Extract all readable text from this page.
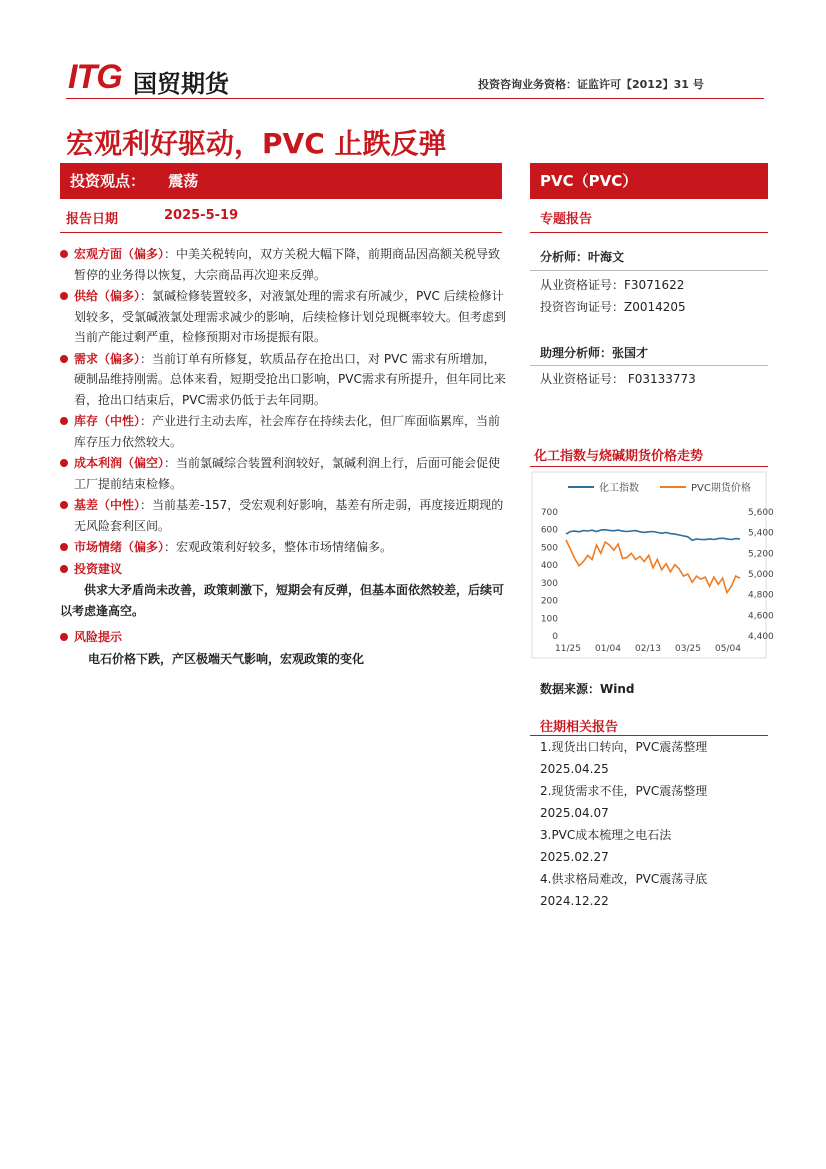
ITG 国贸期货	投资咨询业务资格：证监许可【2012】31 号
宏观利好驱动，PVC 止跌反弹
投资观点： 震荡
报告日期	2025-5-19
宏观方面（偏多）：中美关税转向，双方关税大幅下降，前期商品因高额关税导致暂停的业务得以恢复，大宗商品再次迎来反弹。
供给（偏多）：氯碱检修装置较多，对液氯处理的需求有所减少，PVC 后续检修计划较多，受氯碱液氯处理需求减少的影响，后续检修计划兑现概率较大。但考虑到当前产能过剩严重，检修预期对市场提振有限。
需求（偏多）：当前订单有所修复，软质品存在抢出口，对 PVC 需求有所增加，硬制品维持刚需。总体来看，短期受抢出口影响，PVC需求有所提升，但年同比来看，抢出口结束后，PVC需求仍低于去年同期。
库存（中性）：产业进行主动去库，社会库存在持续去化，但厂库面临累库，当前库存压力依然较大。
成本利润（偏空）：当前氯碱综合装置利润较好，氯碱利润上行，后面可能会促使工厂提前结束检修。
基差（中性）：当前基差-157，受宏观利好影响，基差有所走弱，再度接近期现的无风险套利区间。
市场情绪（偏多）：宏观政策利好较多，整体市场情绪偏多。
投资建议
供求大矛盾尚未改善，政策刺激下，短期会有反弹，但基本面依然较差，后续可以考虑逢高空。
风险提示
电石价格下跌，产区极端天气影响，宏观政策的变化
PVC（PVC）
专题报告
分析师：叶海文
从业资格证号：F3071622
投资咨询证号：Z0014205
助理分析师：张国才
从业资格证号： F03133773
化工指数与烧碱期货价格走势
化工指数	PVC期货价格
700
600
500
400
300
200
100
0
5,600
5,400
5,200
5,000
4,800
4,600
4,400
11/25 01/04 02/13 03/25 05/04
数据来源：Wind
往期相关报告
1.现货出口转向，PVC震荡整理
2025.04.25
2.现货需求不佳，PVC震荡整理
2025.04.07
3.PVC成本梳理之电石法
2025.02.27
4.供求格局难改，PVC震荡寻底
2024.12.22
